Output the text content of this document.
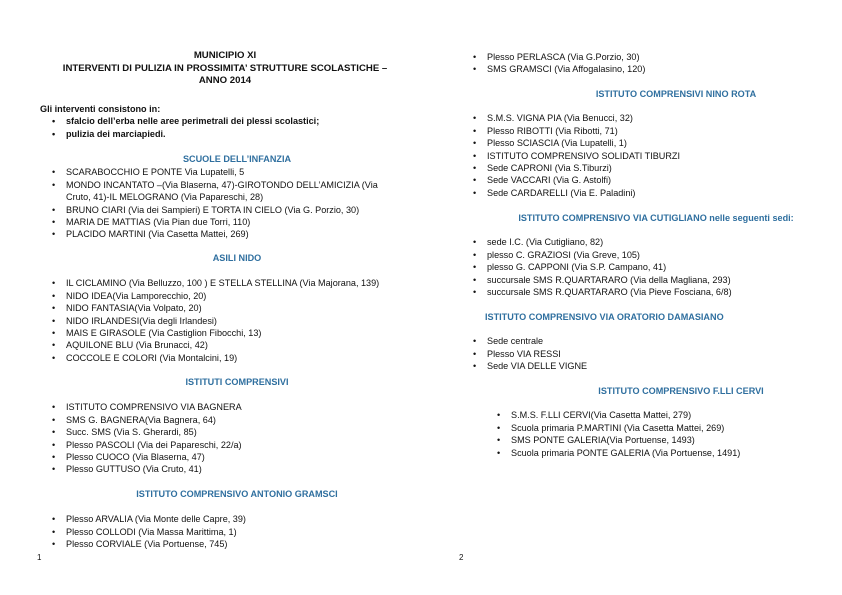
MUNICIPIO XI
INTERVENTI DI PULIZIA IN PROSSIMITA’ STRUTTURE SCOLASTICHE –
ANNO 2014
Gli interventi consistono in:
• sfalcio dell’erba nelle aree perimetrali dei plessi scolastici;
• pulizia dei marciapiedi.
SCUOLE DELL’INFANZIA
• SCARABOCCHIO E PONTE Via Lupatelli, 5
• MONDO INCANTATO –(Via Blaserna, 47)-GIROTONDO DELL’AMICIZIA (Via Cruto, 41)-IL MELOGRANO (Via Papareschi, 28)
• BRUNO CIARI (Via dei Sampieri) E TORTA IN CIELO (Via G. Porzio, 30)
• MARIA DE MATTIAS (Via Pian due Torri, 110)
• PLACIDO MARTINI (Via Casetta Mattei, 269)
ASILI NIDO
• IL CICLAMINO (Via Belluzzo, 100 ) E STELLA STELLINA (Via Majorana, 139)
• NIDO IDEA(Via Lamporecchio, 20)
• NIDO FANTASIA(Via Volpato, 20)
• NIDO IRLANDESI(Via degli Irlandesi)
• MAIS E GIRASOLE (Via Castiglion Fibocchi, 13)
• AQUILONE BLU (Via Brunacci, 42)
• COCCOLE E COLORI (Via Montalcini, 19)
ISTITUTI COMPRENSIVI
• ISTITUTO COMPRENSIVO VIA BAGNERA
• SMS G. BAGNERA(Via Bagnera, 64)
• Succ. SMS (Via S. Gherardi, 85)
• Plesso PASCOLI (Via dei Papareschi, 22/a)
• Plesso CUOCO (Via Blaserna, 47)
• Plesso GUTTUSO (Via Cruto, 41)
ISTITUTO COMPRENSIVO ANTONIO GRAMSCI
• Plesso ARVALIA (Via Monte delle Capre, 39)
• Plesso COLLODI (Via Massa Marittima, 1)
• Plesso CORVIALE (Via Portuense, 745)
1
• Plesso PERLASCA (Via G.Porzio, 30)
• SMS GRAMSCI (Via Affogalasino, 120)
ISTITUTO COMPRENSIVI NINO ROTA
• S.M.S. VIGNA PIA (Via Benucci, 32)
• Plesso RIBOTTI (Via Ribotti, 71)
• Plesso SCIASCIA (Via Lupatelli, 1)
• ISTITUTO COMPRENSIVO SOLIDATI TIBURZI
• Sede CAPRONI (Via S.Tiburzi)
• Sede VACCARI (Via G. Astolfi)
• Sede CARDARELLI (Via E. Paladini)
ISTITUTO COMPRENSIVO VIA CUTIGLIANO nelle seguenti sedi:
• sede I.C. (Via Cutigliano, 82)
• plesso C. GRAZIOSI (Via Greve, 105)
• plesso G. CAPPONI (Via S.P. Campano, 41)
• succursale SMS R.QUARTARARO (Via della Magliana, 293)
• succursale SMS R.QUARTARARO (Via Pieve Fosciana, 6/8)
ISTITUTO COMPRENSIVO VIA ORATORIO DAMASIANO
• Sede centrale
• Plesso VIA RESSI
• Sede VIA DELLE VIGNE
ISTITUTO COMPRENSIVO F.LLI CERVI
• S.M.S. F.LLI CERVI(Via Casetta Mattei, 279)
• Scuola primaria P.MARTINI (Via Casetta Mattei, 269)
• SMS PONTE GALERIA(Via Portuense, 1493)
• Scuola primaria PONTE GALERIA (Via Portuense, 1491)
2
